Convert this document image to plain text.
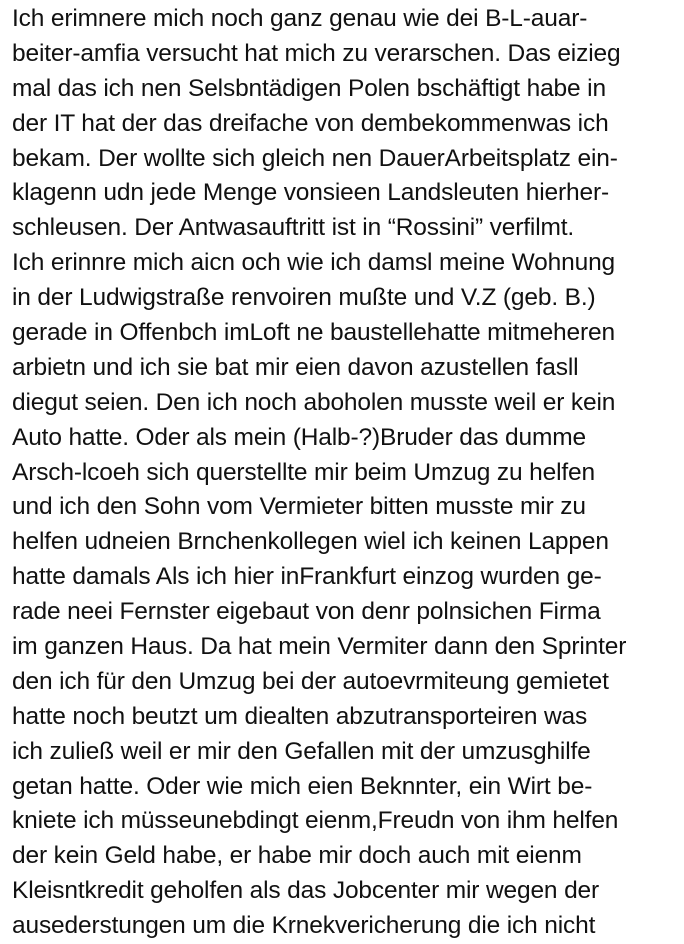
Ich erimnere mich noch ganz genau wie dei B-L-auar-
beiter-amfia versucht hat mich zu verarschen. Das eizieg
mal das ich nen Selsbntädigen Polen bschäftigt habe in
der IT hat der das dreifache von dembekommenwas ich
bekam. Der wollte sich gleich nen DauerArbeitsplatz ein-
klagenn udn jede Menge vonsieen Landsleuten hierher-
schleusen. Der Antwasauftritt ist in “Rossini” verfilmt.
Ich erinnre mich aicn och wie ich damsl meine Wohnung
in der Ludwigstraße renvoiren mußte und V.Z (geb. B.)
gerade in Offenbch imLoft ne baustellehatte mitmeheren
arbietn und ich sie bat mir eien davon azustellen fasll
diegut seien. Den ich noch aboholen musste weil er kein
Auto hatte. Oder als mein (Halb-?)Bruder das dumme
Arsch-lcoeh sich querstellte mir beim Umzug zu helfen
und ich den Sohn vom Vermieter bitten musste mir zu
helfen udneien Brnchenkollegen wiel ich keinen Lappen
hatte damals Als ich hier inFrankfurt einzog wurden ge-
rade neei Fernster eigebaut von denr polnsichen Firma
im ganzen Haus. Da hat mein Vermiter dann den Sprinter
den ich für den Umzug bei der autoevrmiteung gemietet
hatte noch beutzt um diealten abzutransporteiren was
ich zuließ weil er mir den Gefallen mit der umzusghilfe
getan hatte. Oder wie mich eien Beknnter, ein Wirt be-
kniete ich müsseunebdingt eienm,Freudn von ihm helfen
der kein Geld habe, er habe mir doch auch mit eienm
Kleisntkredit geholfen als das Jobcenter mir wegen der
ausederstungen um die Krnekvericherung die ich nicht
